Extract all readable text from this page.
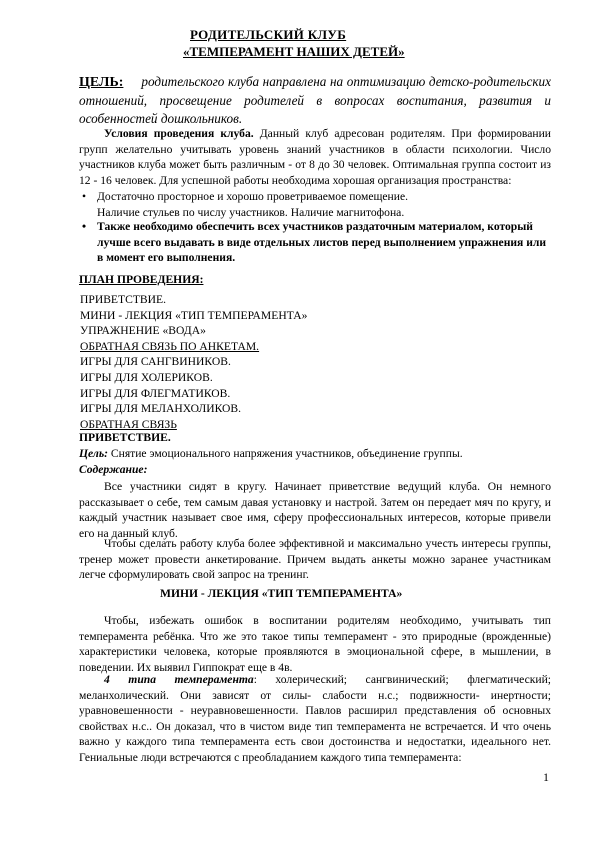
РОДИТЕЛЬСКИЙ КЛУБ
«ТЕМПЕРАМЕНТ НАШИХ ДЕТЕЙ»
ЦЕЛЬ: родительского клуба направлена на оптимизацию детско-родительских отношений, просвещение родителей в вопросах воспитания, развития и особенностей дошкольников.
Условия проведения клуба. Данный клуб адресован родителям. При формировании групп желательно учитывать уровень знаний участников в области психологии. Число участников клуба может быть различным - от 8 до 30 человек. Оптимальная группа состоит из 12 - 16 человек. Для успешной работы необходима хорошая организация пространства:
• Достаточно просторное и хорошо проветриваемое помещение.
Наличие стульев по числу участников. Наличие магнитофона.
• Также необходимо обеспечить всех участников раздаточным материалом, который лучше всего выдавать в виде отдельных листов перед выполнением упражнения или в момент его выполнения.
ПЛАН ПРОВЕДЕНИЯ:
ПРИВЕТСТВИЕ.
МИНИ - ЛЕКЦИЯ «ТИП ТЕМПЕРАМЕНТА»
УПРАЖНЕНИЕ «ВОДА»
ОБРАТНАЯ СВЯЗЬ ПО АНКЕТАМ.
ИГРЫ ДЛЯ САНГВИНИКОВ.
ИГРЫ ДЛЯ ХОЛЕРИКОВ.
ИГРЫ ДЛЯ ФЛЕГМАТИКОВ.
ИГРЫ ДЛЯ МЕЛАНХОЛИКОВ.
ОБРАТНАЯ СВЯЗЬ
ПРИВЕТСТВИЕ.
Цель: Снятие эмоционального напряжения участников, объединение группы.
Содержание:
Все участники сидят в кругу. Начинает приветствие ведущий клуба. Он немного рассказывает о себе, тем самым давая установку и настрой. Затем он передает мяч по кругу, и каждый участник называет свое имя, сферу профессиональных интересов, которые привели его на данный клуб.
Чтобы сделать работу клуба более эффективной и максимально учесть интересы группы, тренер может провести анкетирование. Причем выдать анкеты можно заранее участникам легче сформулировать свой запрос на тренинг.
МИНИ - ЛЕКЦИЯ «ТИП ТЕМПЕРАМЕНТА»
Чтобы, избежать ошибок в воспитании родителям необходимо, учитывать тип темперамента ребёнка. Что же это такое типы темперамент - это природные (врожденные) характеристики человека, которые проявляются в эмоциональной сфере, в мышлении, в поведении. Их выявил Гиппократ еще в 4в.
4 типа темперамента: холерический; сангвинический; флегматический; меланхолический. Они зависят от силы- слабости н.с.; подвижности- инертности; уравновешенности - неуравновешенности. Павлов расширил представления об основных свойствах н.с.. Он доказал, что в чистом виде тип темперамента не встречается. И что очень важно у каждого типа темперамента есть свои достоинства и недостатки, идеального нет. Гениальные люди встречаются с преобладанием каждого типа темперамента:
1
